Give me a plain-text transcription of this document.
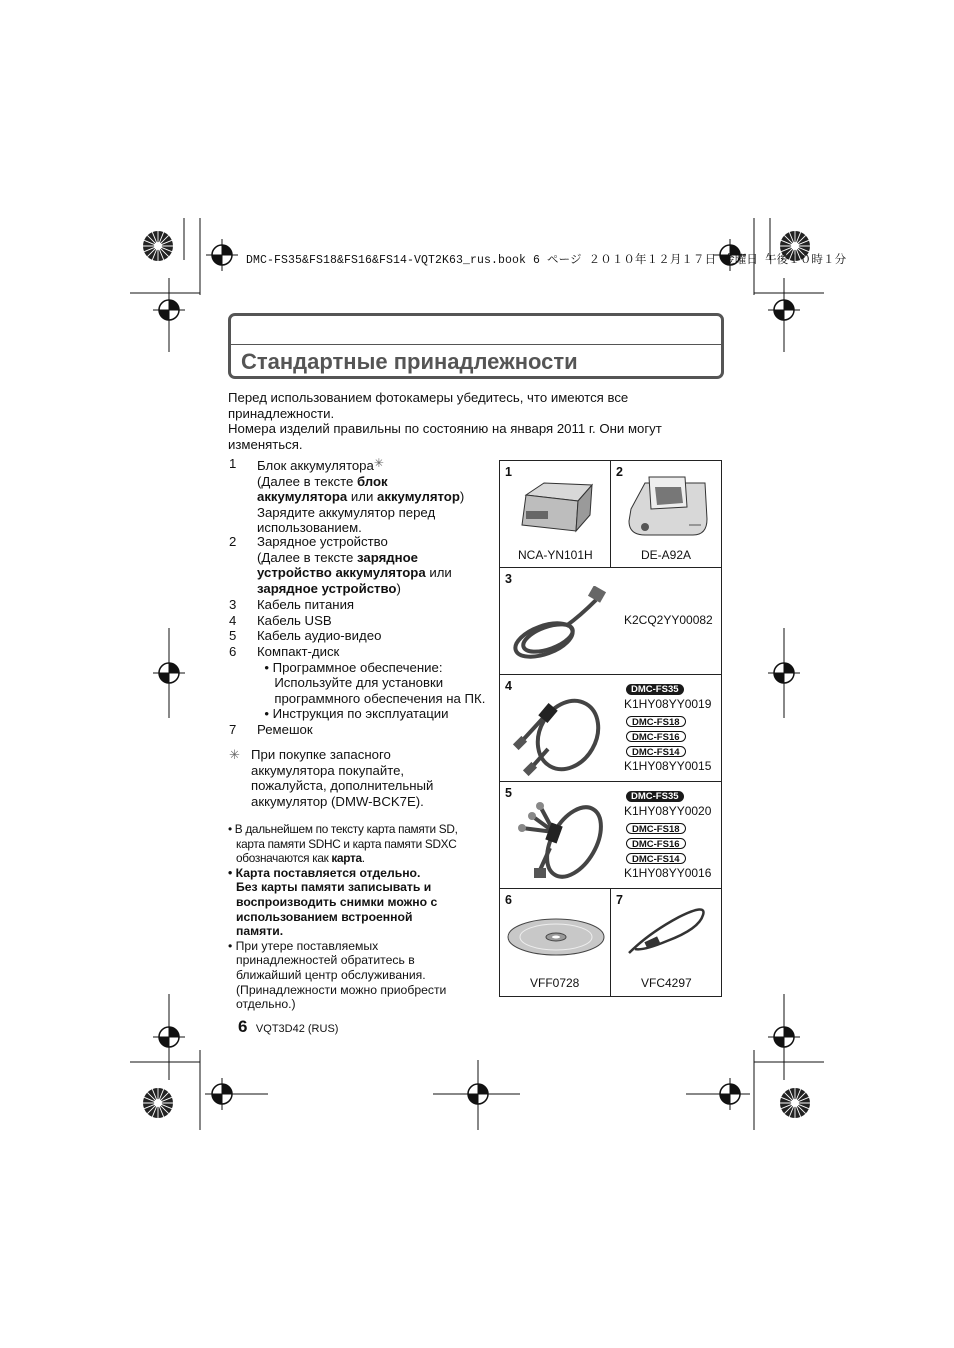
DMC-FS35&FS18&FS16&FS14-VQT2K63_rus.book 6 ページ ２０１０年１２月１７日 金曜日 午後１０時１分
Стандартные принадлежности
Перед использованием фотокамеры убедитесь, что имеются все
принадлежности.
Номера изделий правильны по состоянию на января 2011 г. Они могут
изменяться.
1 Блок аккумулятора✳
(Далее в тексте блок
аккумулятора или аккумулятор)
Зарядите аккумулятор перед
использованием.
2 Зарядное устройство
(Далее в тексте зарядное
устройство аккумулятора или
зарядное устройство)
3 Кабель питания
4 Кабель USB
5 Кабель аудио-видео
6 Компакт-диск
• Программное обеспечение:
Используйте для установки
программного обеспечения на ПК.
• Инструкция по эксплуатации
7 Ремешок
✳ При покупке запасного
аккумулятора покупайте,
пожалуйста, дополнительный
аккумулятор (DMW-BCK7E).
• В дальнейшем по тексту карта памяти SD,
карта памяти SDHC и карта памяти SDXC
обозначаются как карта.
• Карта поставляется отдельно.
Без карты памяти записывать и
воспроизводить снимки можно с
использованием встроенной
памяти.
• При утере поставляемых
принадлежностей обратитесь в
ближайший центр обслуживания.
(Принадлежности можно приобрести
отдельно.)
6 VQT3D42 (RUS)
1
NCA-YN101H
2
DE-A92A
3
K2CQ2YY00082
4	DMC-FS35
K1HY08YY0019
DMC-FS18
DMC-FS16
DMC-FS14
K1HY08YY0015
5	DMC-FS35
K1HY08YY0020
DMC-FS18
DMC-FS16
DMC-FS14
K1HY08YY0016
6
VFF0728
7
VFC4297
